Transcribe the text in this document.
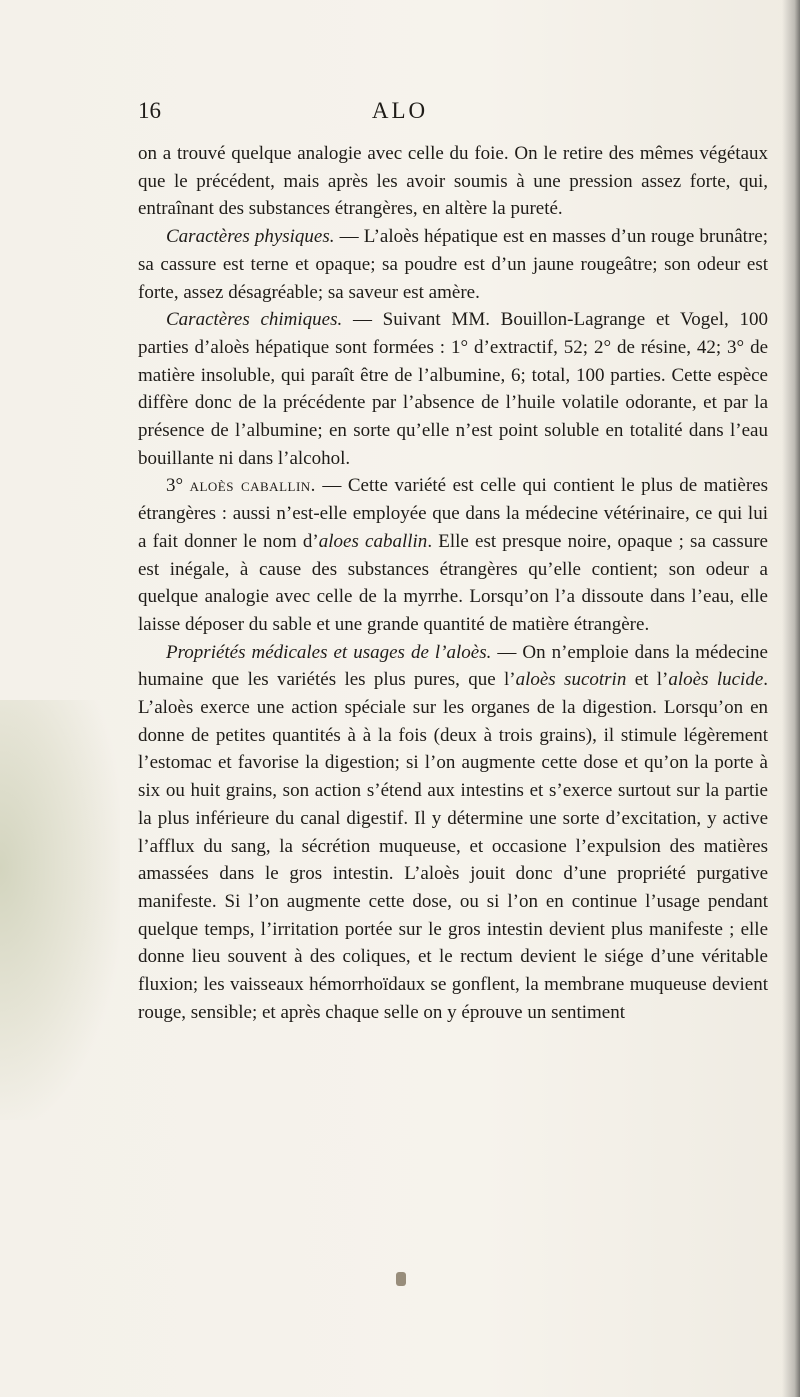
16	ALO

on a trouvé quelque analogie avec celle du foie. On le retire des mêmes végétaux que le précédent, mais après les avoir soumis à une pression assez forte, qui, entraînant des substances étrangères, en altère la pureté.

Caractères physiques. — L’aloès hépatique est en masses d’un rouge brunâtre; sa cassure est terne et opaque; sa poudre est d’un jaune rougeâtre; son odeur est forte, assez désagréable; sa saveur est amère.

Caractères chimiques. — Suivant MM. Bouillon-Lagrange et Vogel, 100 parties d’aloès hépatique sont formées : 1° d’extractif, 52; 2° de résine, 42; 3° de matière insoluble, qui paraît être de l’albumine, 6; total, 100 parties. Cette espèce diffère donc de la précédente par l’absence de l’huile volatile odorante, et par la présence de l’albumine; en sorte qu’elle n’est point soluble en totalité dans l’eau bouillante ni dans l’alcohol.

3° aloès caballin. — Cette variété est celle qui contient le plus de matières étrangères : aussi n’est-elle employée que dans la médecine vétérinaire, ce qui lui a fait donner le nom d’aloes caballin. Elle est presque noire, opaque ; sa cassure est inégale, à cause des substances étrangères qu’elle contient; son odeur a quelque analogie avec celle de la myrrhe. Lorsqu’on l’a dissoute dans l’eau, elle laisse déposer du sable et une grande quantité de matière étrangère.

Propriétés médicales et usages de l’aloès. — On n’emploie dans la médecine humaine que les variétés les plus pures, que l’aloès sucotrin et l’aloès lucide. L’aloès exerce une action spéciale sur les organes de la digestion. Lorsqu’on en donne de petites quantités à à la fois (deux à trois grains), il stimule légèrement l’estomac et favorise la digestion; si l’on augmente cette dose et qu’on la porte à six ou huit grains, son action s’étend aux intestins et s’exerce surtout sur la partie la plus inférieure du canal digestif. Il y détermine une sorte d’excitation, y active l’afflux du sang, la sécrétion muqueuse, et occasione l’expulsion des matières amassées dans le gros intestin. L’aloès jouit donc d’une propriété purgative manifeste. Si l’on augmente cette dose, ou si l’on en continue l’usage pendant quelque temps, l’irritation portée sur le gros intestin devient plus manifeste ; elle donne lieu souvent à des coliques, et le rectum devient le siége d’une véritable fluxion; les vaisseaux hémorrhoïdaux se gonflent, la membrane muqueuse devient rouge, sensible; et après chaque selle on y éprouve un sentiment
